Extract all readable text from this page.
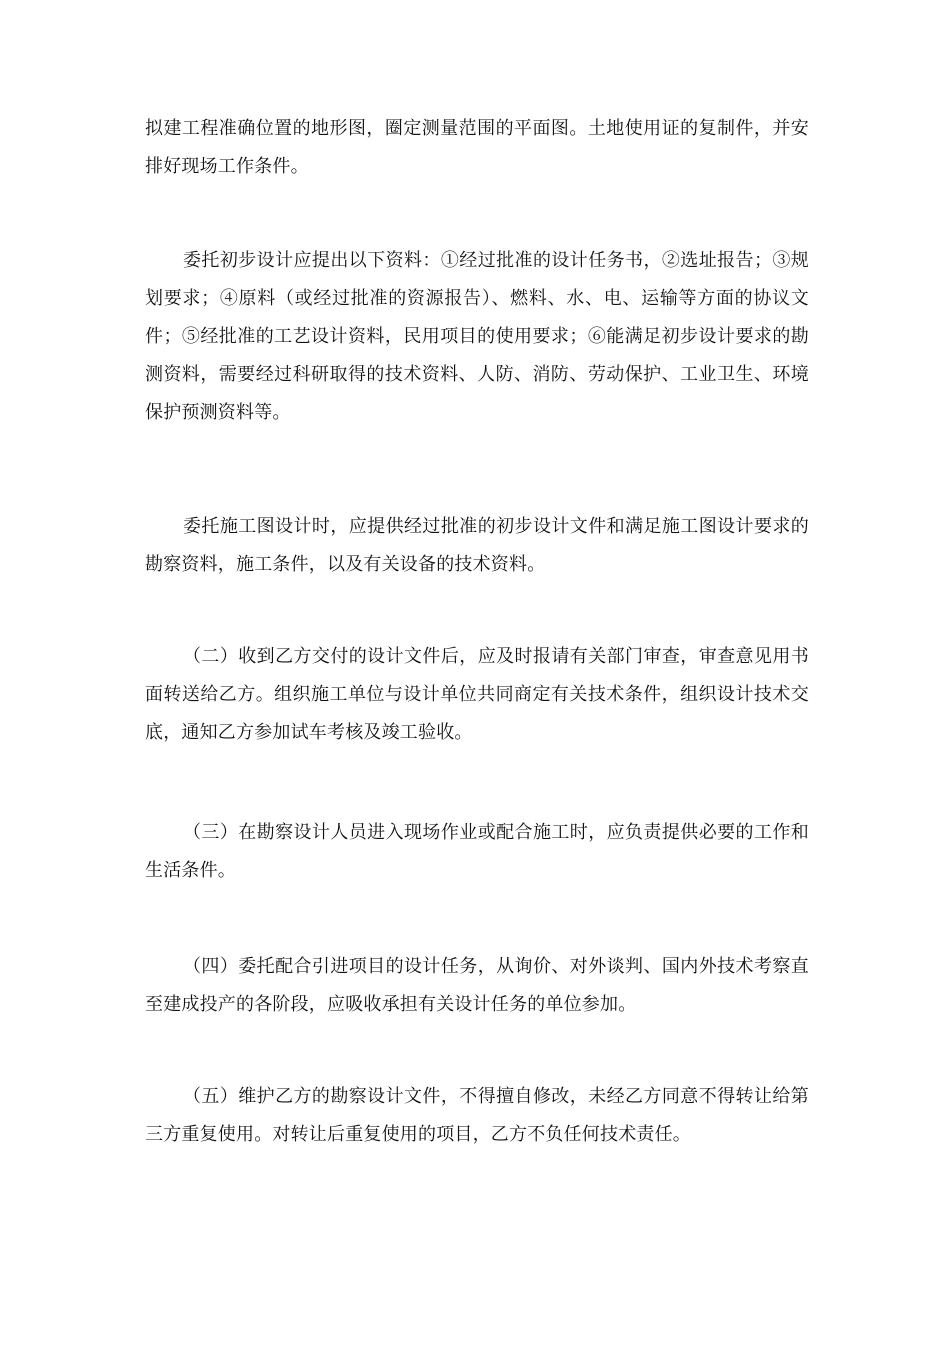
拟建工程准确位置的地形图，圈定测量范围的平面图。土地使用证的复制件，并安排好现场工作条件。

委托初步设计应提出以下资料：①经过批准的设计任务书，②选址报告；③规划要求；④原料（或经过批准的资源报告）、燃料、水、电、运输等方面的协议文件；⑤经批准的工艺设计资料，民用项目的使用要求；⑥能满足初步设计要求的勘测资料，需要经过科研取得的技术资料、人防、消防、劳动保护、工业卫生、环境保护预测资料等。

委托施工图设计时，应提供经过批准的初步设计文件和满足施工图设计要求的勘察资料，施工条件，以及有关设备的技术资料。

（二）收到乙方交付的设计文件后，应及时报请有关部门审查，审查意见用书面转送给乙方。组织施工单位与设计单位共同商定有关技术条件，组织设计技术交底，通知乙方参加试车考核及竣工验收。

（三）在勘察设计人员进入现场作业或配合施工时，应负责提供必要的工作和生活条件。

（四）委托配合引进项目的设计任务，从询价、对外谈判、国内外技术考察直至建成投产的各阶段，应吸收承担有关设计任务的单位参加。

（五）维护乙方的勘察设计文件，不得擅自修改，未经乙方同意不得转让给第三方重复使用。对转让后重复使用的项目，乙方不负任何技术责任。
